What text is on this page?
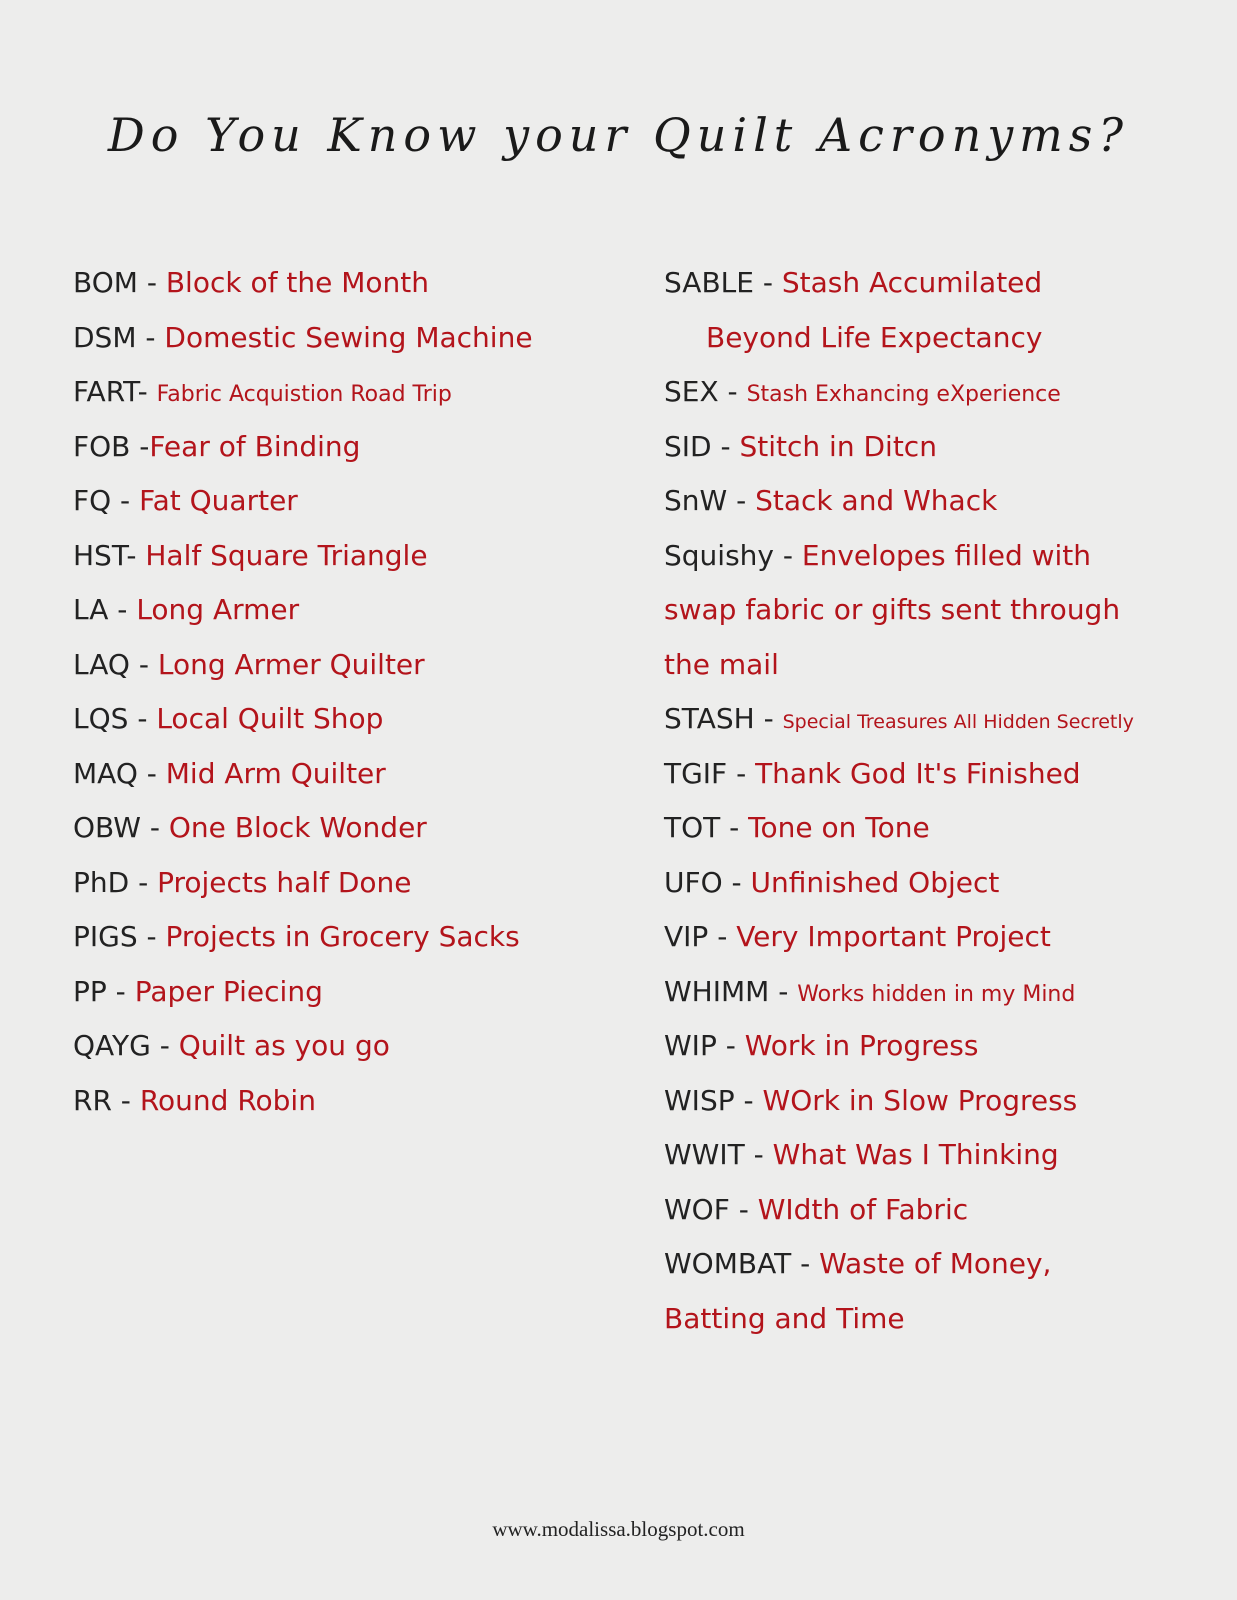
Do You Know your Quilt Acronyms?
BOM - Block of the Month
DSM - Domestic Sewing Machine
FART- Fabric Acquistion Road Trip
FOB -Fear of Binding
FQ - Fat Quarter
HST- Half Square Triangle
LA - Long Armer
LAQ - Long Armer Quilter
LQS - Local Quilt Shop
MAQ - Mid Arm Quilter
OBW - One Block Wonder
PhD - Projects half Done
PIGS - Projects in Grocery Sacks
PP - Paper Piecing
QAYG - Quilt as you go
RR - Round Robin
SABLE - Stash Accumilated
Beyond Life Expectancy
SEX - Stash Exhancing eXperience
SID - Stitch in Ditcn
SnW - Stack and Whack
Squishy - Envelopes filled with
swap fabric or gifts sent through
the mail
STASH - Special Treasures All Hidden Secretly
TGIF - Thank God It's Finished
TOT - Tone on Tone
UFO - Unfinished Object
VIP - Very Important Project
WHIMM - Works hidden in my Mind
WIP - Work in Progress
WISP - WOrk in Slow Progress
WWIT - What Was I Thinking
WOF - WIdth of Fabric
WOMBAT - Waste of Money,
Batting and Time
www.modalissa.blogspot.com
